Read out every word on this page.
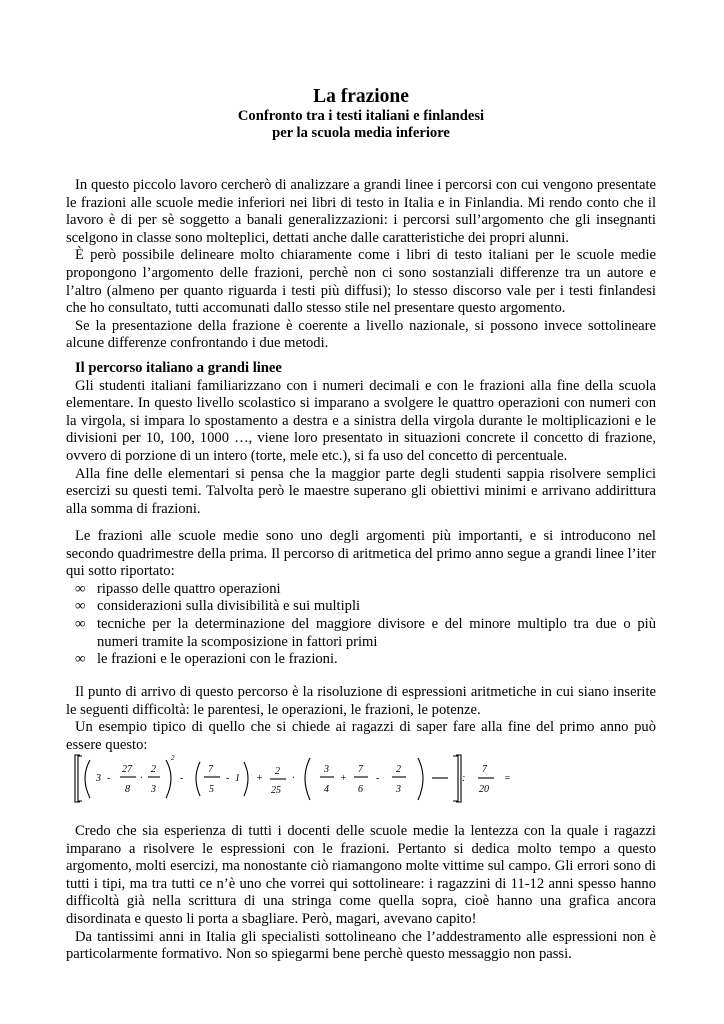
La frazione
Confronto tra i testi italiani e finlandesi
per la scuola media inferiore

In questo piccolo lavoro cercherò di analizzare a grandi linee i percorsi con cui vengono presentate le frazioni alle scuole medie inferiori nei libri di testo in Italia e in Finlandia. Mi rendo conto che il lavoro è di per sè soggetto a banali generalizzazioni: i percorsi sull’argomento che gli insegnanti scelgono in classe sono molteplici, dettati anche dalle caratteristiche dei propri alunni.

È però possibile delineare molto chiaramente come i libri di testo italiani per le scuole medie propongono l’argomento delle frazioni, perchè non ci sono sostanziali differenze tra un autore e l’altro (almeno per quanto riguarda i testi più diffusi); lo stesso discorso vale per i testi finlandesi che ho consultato, tutti accomunati dallo stesso stile nel presentare questo argomento.

Se la presentazione della frazione è coerente a livello nazionale, si possono invece sottolineare alcune differenze confrontando i due metodi.

Il percorso italiano a grandi linee

Gli studenti italiani familiarizzano con i numeri decimali e con le frazioni alla fine della scuola elementare. In questo livello scolastico si imparano a svolgere le quattro operazioni con numeri con la virgola, si impara lo spostamento a destra e a sinistra della virgola durante le moltiplicazioni e le divisioni per 10, 100, 1000 …, viene loro presentato in situazioni concrete il concetto di frazione, ovvero di porzione di un intero (torte, mele etc.), si fa uso del concetto di percentuale.

Alla fine delle elementari si pensa che la maggior parte degli studenti sappia risolvere semplici esercizi su questi temi. Talvolta però le maestre superano gli obiettivi minimi e arrivano addirittura alla somma di frazioni.

Le frazioni alle scuole medie sono uno degli argomenti più importanti, e si introducono nel secondo quadrimestre della prima. Il percorso di aritmetica del primo anno segue a grandi linee l’iter qui sotto riportato:

∞ ripasso delle quattro operazioni
∞ considerazioni sulla divisibilità e sui multipli
∞ tecniche per la determinazione del maggiore divisore e del minore multiplo tra due o più numeri tramite la scomposizione in fattori primi
∞ le frazioni e le operazioni con le frazioni.

Il punto di arrivo di questo percorso è la risoluzione di espressioni aritmetiche in cui siano inserite le seguenti difficoltà: le parentesi, le operazioni, le frazioni, le potenze.

Un esempio tipico di quello che si chiede ai ragazzi di saper fare alla fine del primo anno può essere questo:

3 -
27
8
·
2
3
2
-
7
5
- 1 +
2
25
·
3
4
+
7
6
-
2
3
:
7
20
=

Credo che sia esperienza di tutti i docenti delle scuole medie la lentezza con la quale i ragazzi imparano a risolvere le espressioni con le frazioni. Pertanto si dedica molto tempo a questo argomento, molti esercizi, ma nonostante ciò riamangono molte vittime sul campo. Gli errori sono di tutti i tipi, ma tra tutti ce n’è uno che vorrei qui sottolineare: i ragazzini di 11-12 anni spesso hanno difficoltà già nella scrittura di una stringa come quella sopra, cioè hanno una grafica ancora disordinata e questo li porta a sbagliare. Però, magari, avevano capito!

Da tantissimi anni in Italia gli specialisti sottolineano che l’addestramento alle espressioni non è particolarmente formativo. Non so spiegarmi bene perchè questo messaggio non passi.
